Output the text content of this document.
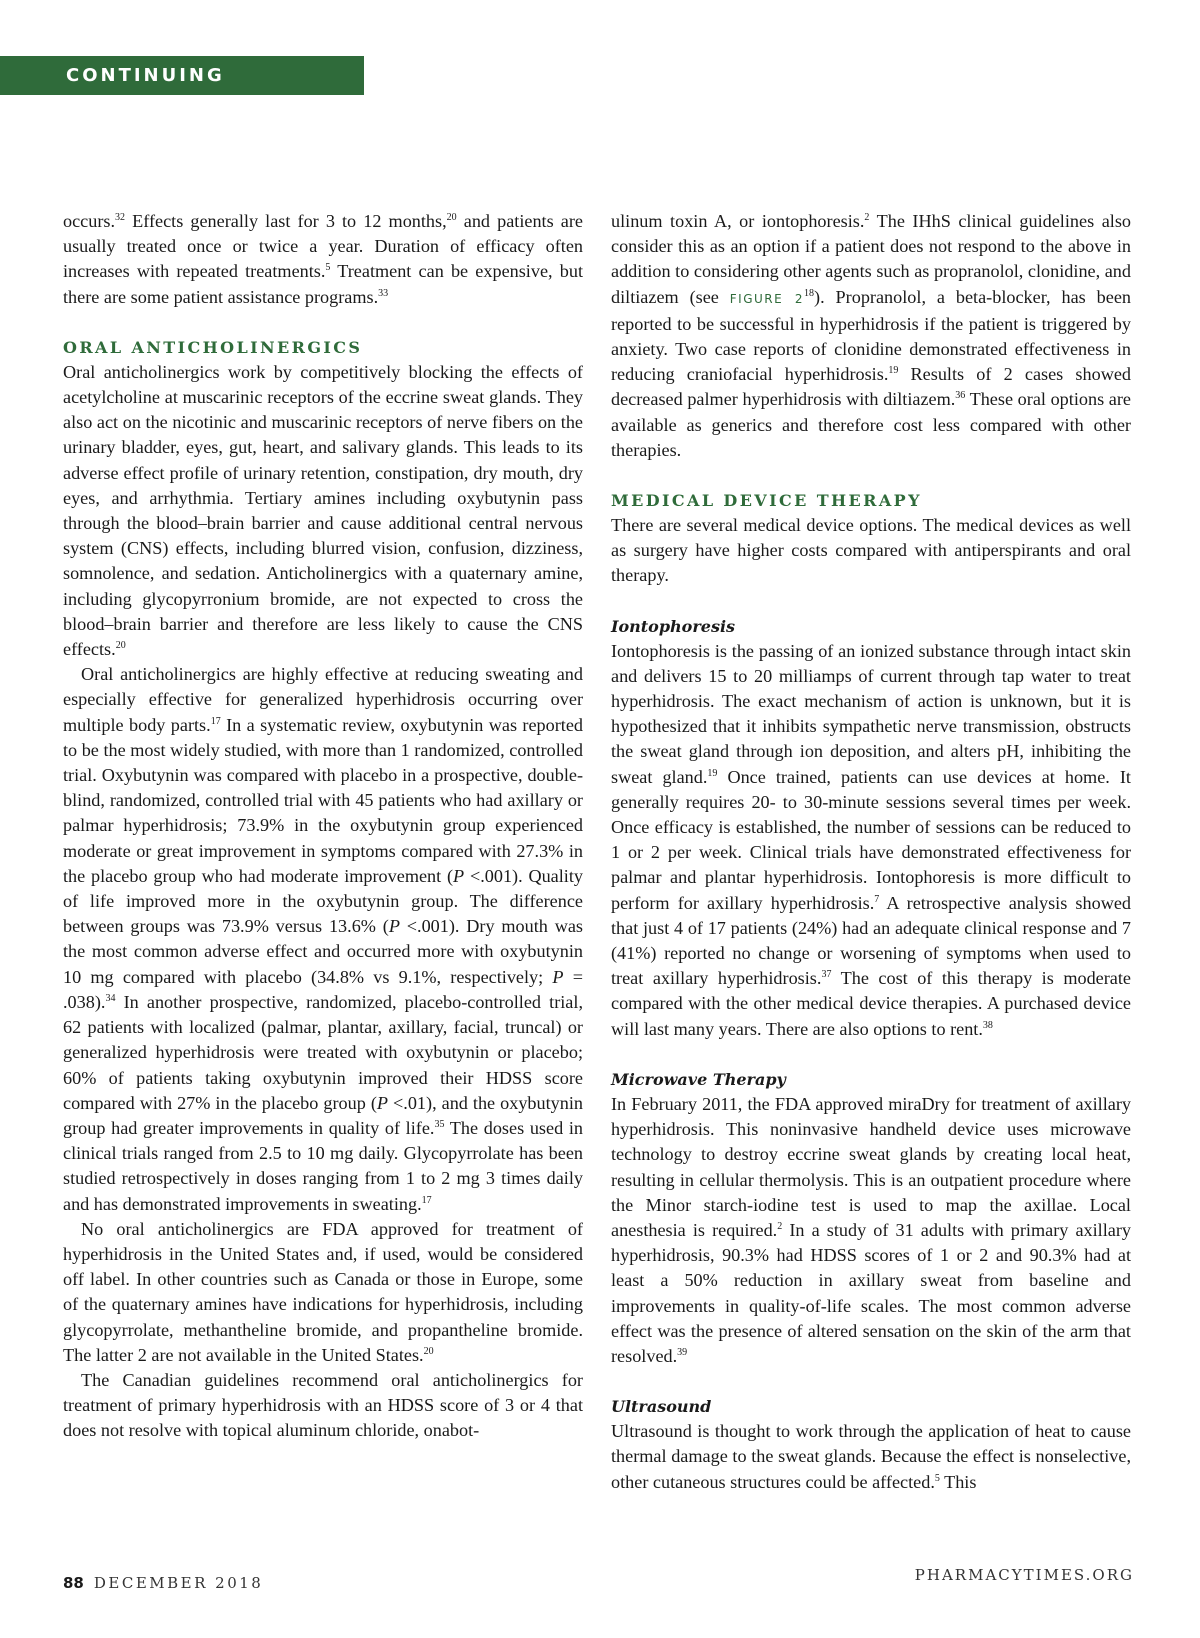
CONTINUING EDUCATION

occurs.$^{32}$ Effects generally last for 3 to 12 months,$^{20}$ and patients are usually treated once or twice a year. Duration of efficacy often increases with repeated treatments.$^5$ Treatment can be expensive, but there are some patient assistance programs.$^{33}$

ORAL ANTICHOLINERGICS

Oral anticholinergics work by competitively blocking the effects of acetylcholine at muscarinic receptors of the eccrine sweat glands. They also act on the nicotinic and muscarinic receptors of nerve fibers on the urinary bladder, eyes, gut, heart, and salivary glands. This leads to its adverse effect profile of urinary retention, constipation, dry mouth, dry eyes, and arrhythmia. Tertiary amines including oxybutynin pass through the blood–brain barrier and cause additional central nervous system (CNS) effects, including blurred vision, confusion, dizziness, somnolence, and sedation. Anticholinergics with a quaternary amine, including glycopyrronium bromide, are not expected to cross the blood–brain barrier and therefore are less likely to cause the CNS effects.$^{20}$

Oral anticholinergics are highly effective at reducing sweating and especially effective for generalized hyperhidrosis occurring over multiple body parts.$^{17}$ In a systematic review, oxybutynin was reported to be the most widely studied, with more than 1 randomized, controlled trial. Oxybutynin was compared with placebo in a prospective, double-blind, randomized, controlled trial with 45 patients who had axillary or palmar hyperhidrosis; 73.9% in the oxybutynin group experienced moderate or great improvement in symptoms compared with 27.3% in the placebo group who had moderate improvement (P <.001). Quality of life improved more in the oxybutynin group. The difference between groups was 73.9% versus 13.6% (P <.001). Dry mouth was the most common adverse effect and occurred more with oxybutynin 10 mg compared with placebo (34.8% vs 9.1%, respectively; P = .038).$^{34}$ In another prospective, randomized, placebo-controlled trial, 62 patients with localized (palmar, plantar, axillary, facial, truncal) or generalized hyperhidrosis were treated with oxybutynin or placebo; 60% of patients taking oxybutynin improved their HDSS score compared with 27% in the placebo group (P <.01), and the oxybutynin group had greater improvements in quality of life.$^{35}$ The doses used in clinical trials ranged from 2.5 to 10 mg daily. Glycopyrrolate has been studied retrospectively in doses ranging from 1 to 2 mg 3 times daily and has demonstrated improvements in sweating.$^{17}$

No oral anticholinergics are FDA approved for treatment of hyperhidrosis in the United States and, if used, would be considered off label. In other countries such as Canada or those in Europe, some of the quaternary amines have indications for hyperhidrosis, including glycopyrrolate, methantheline bromide, and propantheline bromide. The latter 2 are not available in the United States.$^{20}$

The Canadian guidelines recommend oral anticholinergics for treatment of primary hyperhidrosis with an HDSS score of 3 or 4 that does not resolve with topical aluminum chloride, onabot-

ulinum toxin A, or iontophoresis.$^2$ The IHhS clinical guidelines also consider this as an option if a patient does not respond to the above in addition to considering other agents such as propranolol, clonidine, and diltiazem (see FIGURE $2^{18}$). Propranolol, a beta-blocker, has been reported to be successful in hyperhidrosis if the patient is triggered by anxiety. Two case reports of clonidine demonstrated effectiveness in reducing craniofacial hyperhidrosis.$^{19}$ Results of 2 cases showed decreased palmer hyperhidrosis with diltiazem.$^{36}$ These oral options are available as generics and therefore cost less compared with other therapies.

MEDICAL DEVICE THERAPY

There are several medical device options. The medical devices as well as surgery have higher costs compared with antiperspirants and oral therapy.

Iontophoresis

Iontophoresis is the passing of an ionized substance through intact skin and delivers 15 to 20 milliamps of current through tap water to treat hyperhidrosis. The exact mechanism of action is unknown, but it is hypothesized that it inhibits sympathetic nerve transmission, obstructs the sweat gland through ion deposition, and alters pH, inhibiting the sweat gland.$^{19}$ Once trained, patients can use devices at home. It generally requires 20- to 30-minute sessions several times per week. Once efficacy is established, the number of sessions can be reduced to 1 or 2 per week. Clinical trials have demonstrated effectiveness for palmar and plantar hyperhidrosis. Iontophoresis is more difficult to perform for axillary hyperhidrosis.$^7$ A retrospective analysis showed that just 4 of 17 patients (24%) had an adequate clinical response and 7 (41%) reported no change or worsening of symptoms when used to treat axillary hyperhidrosis.$^{37}$ The cost of this therapy is moderate compared with the other medical device therapies. A purchased device will last many years. There are also options to rent.$^{38}$

Microwave Therapy

In February 2011, the FDA approved miraDry for treatment of axillary hyperhidrosis. This noninvasive handheld device uses microwave technology to destroy eccrine sweat glands by creating local heat, resulting in cellular thermolysis. This is an outpatient procedure where the Minor starch-iodine test is used to map the axillae. Local anesthesia is required.$^2$ In a study of 31 adults with primary axillary hyperhidrosis, 90.3% had HDSS scores of 1 or 2 and 90.3% had at least a 50% reduction in axillary sweat from baseline and improvements in quality-of-life scales. The most common adverse effect was the presence of altered sensation on the skin of the arm that resolved.$^{39}$

Ultrasound

Ultrasound is thought to work through the application of heat to cause thermal damage to the sweat glands. Because the effect is nonselective, other cutaneous structures could be affected.$^5$ This

88 DECEMBER 2018	PHARMACYTIMES.ORG
